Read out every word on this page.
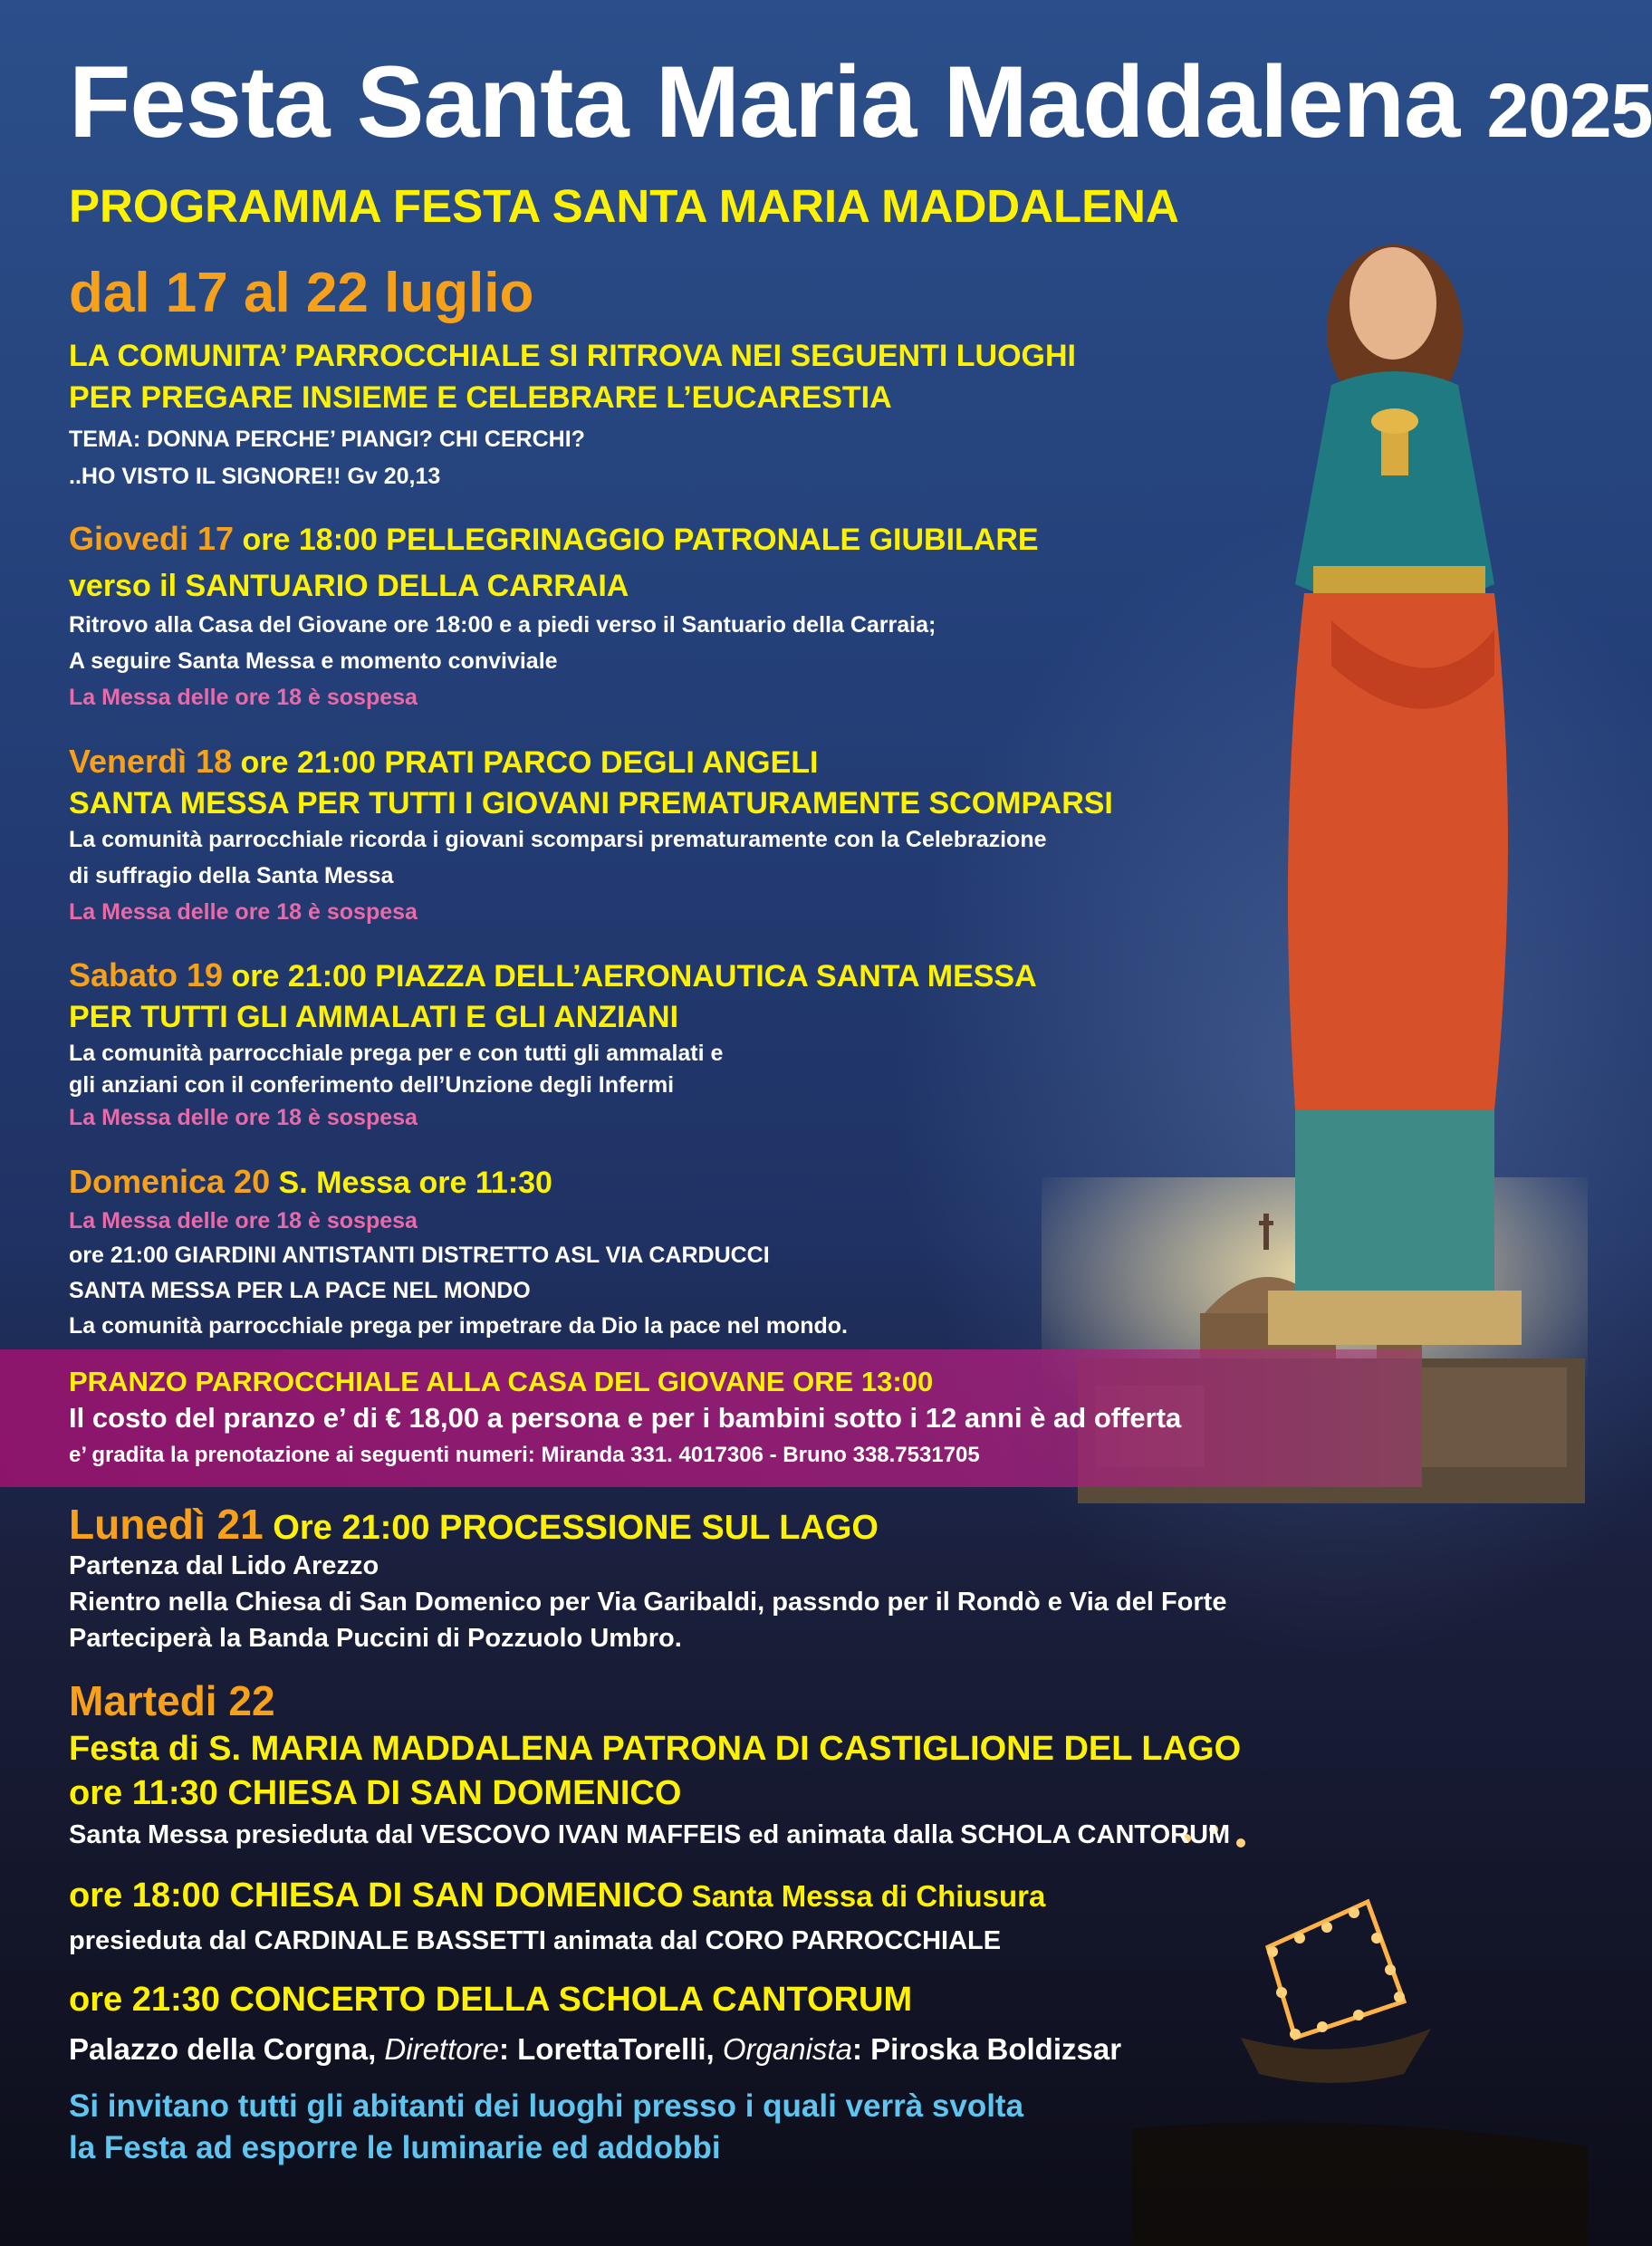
Festa Santa Maria Maddalena 2025
PROGRAMMA FESTA SANTA MARIA MADDALENA
dal 17 al 22 luglio
LA COMUNITA’ PARROCCHIALE SI RITROVA NEI SEGUENTI LUOGHI
PER PREGARE INSIEME E CELEBRARE L’EUCARESTIA
TEMA: DONNA PERCHE’ PIANGI? CHI CERCHI?
..HO VISTO IL SIGNORE!! Gv 20,13
Giovedi 17 ore 18:00 PELLEGRINAGGIO PATRONALE GIUBILARE
verso il SANTUARIO DELLA CARRAIA
Ritrovo alla Casa del Giovane ore 18:00 e a piedi verso il Santuario della Carraia;
A seguire Santa Messa e momento conviviale
La Messa delle ore 18 è sospesa
Venerdì 18 ore 21:00 PRATI PARCO DEGLI ANGELI
SANTA MESSA PER TUTTI I GIOVANI PREMATURAMENTE SCOMPARSI
La comunità parrocchiale ricorda i giovani scomparsi prematuramente con la Celebrazione
di suffragio della Santa Messa
La Messa delle ore 18 è sospesa
Sabato 19 ore 21:00 PIAZZA DELL’AERONAUTICA SANTA MESSA
PER TUTTI GLI AMMALATI E GLI ANZIANI
La comunità parrocchiale prega per e con tutti gli ammalati e
gli anziani con il conferimento dell’Unzione degli Infermi
La Messa delle ore 18 è sospesa
Domenica 20 S. Messa ore 11:30
La Messa delle ore 18 è sospesa
ore 21:00 GIARDINI ANTISTANTI DISTRETTO ASL VIA CARDUCCI
SANTA MESSA PER LA PACE NEL MONDO
La comunità parrocchiale prega per impetrare da Dio la pace nel mondo.
PRANZO PARROCCHIALE ALLA CASA DEL GIOVANE ORE 13:00
Il costo del pranzo e’ di € 18,00 a persona e per i bambini sotto i 12 anni è ad offerta
e’ gradita la prenotazione ai seguenti numeri: Miranda 331. 4017306 - Bruno 338.7531705
Lunedì 21 Ore 21:00 PROCESSIONE SUL LAGO
Partenza dal Lido Arezzo
Rientro nella Chiesa di San Domenico per Via Garibaldi, passndo per il Rondò e Via del Forte
Parteciperà la Banda Puccini di Pozzuolo Umbro.
Martedi 22
Festa di S. MARIA MADDALENA PATRONA DI CASTIGLIONE DEL LAGO
ore 11:30 CHIESA DI SAN DOMENICO
Santa Messa presieduta dal VESCOVO IVAN MAFFEIS ed animata dalla SCHOLA CANTORUM
ore 18:00 CHIESA DI SAN DOMENICO Santa Messa di Chiusura
presieduta dal CARDINALE BASSETTI animata dal CORO PARROCCHIALE
ore 21:30 CONCERTO DELLA SCHOLA CANTORUM
Palazzo della Corgna, Direttore: LorettaTorelli, Organista: Piroska Boldizsar
Si invitano tutti gli abitanti dei luoghi presso i quali verrà svolta
la Festa ad esporre le luminarie ed addobbi
